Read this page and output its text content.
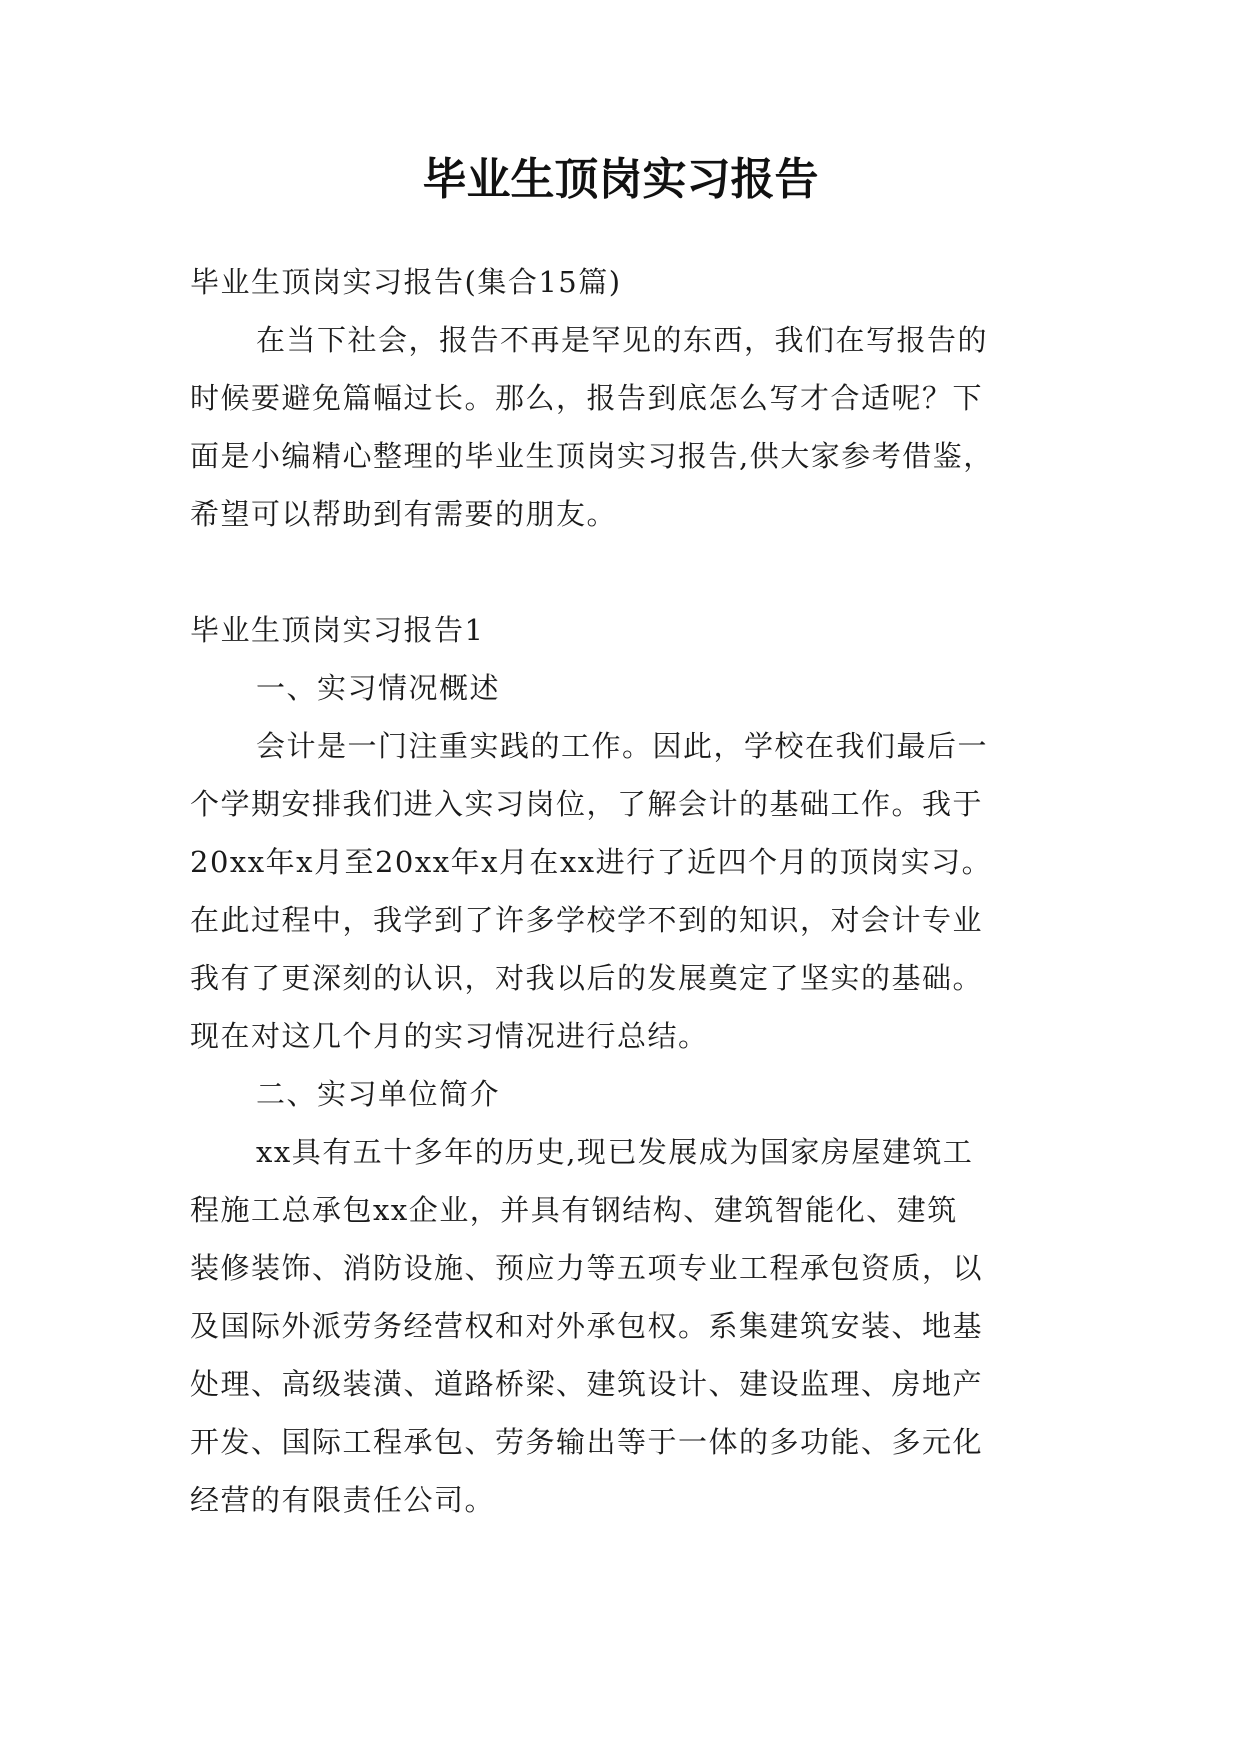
毕业生顶岗实习报告
毕业生顶岗实习报告(集合15篇)
在当下社会，报告不再是罕见的东西，我们在写报告的
时候要避免篇幅过长。那么，报告到底怎么写才合适呢？下
面是小编精心整理的毕业生顶岗实习报告,供大家参考借鉴，
希望可以帮助到有需要的朋友。
毕业生顶岗实习报告1
一、实习情况概述
会计是一门注重实践的工作。因此，学校在我们最后一
个学期安排我们进入实习岗位，了解会计的基础工作。我于
20xx年x月至20xx年x月在xx进行了近四个月的顶岗实习。
在此过程中，我学到了许多学校学不到的知识，对会计专业
我有了更深刻的认识，对我以后的发展奠定了坚实的基础。
现在对这几个月的实习情况进行总结。
二、实习单位简介
xx具有五十多年的历史,现已发展成为国家房屋建筑工
程施工总承包xx企业，并具有钢结构、建筑智能化、建筑
装修装饰、消防设施、预应力等五项专业工程承包资质，以
及国际外派劳务经营权和对外承包权。系集建筑安装、地基
处理、高级装潢、道路桥梁、建筑设计、建设监理、房地产
开发、国际工程承包、劳务输出等于一体的多功能、多元化
经营的有限责任公司。
